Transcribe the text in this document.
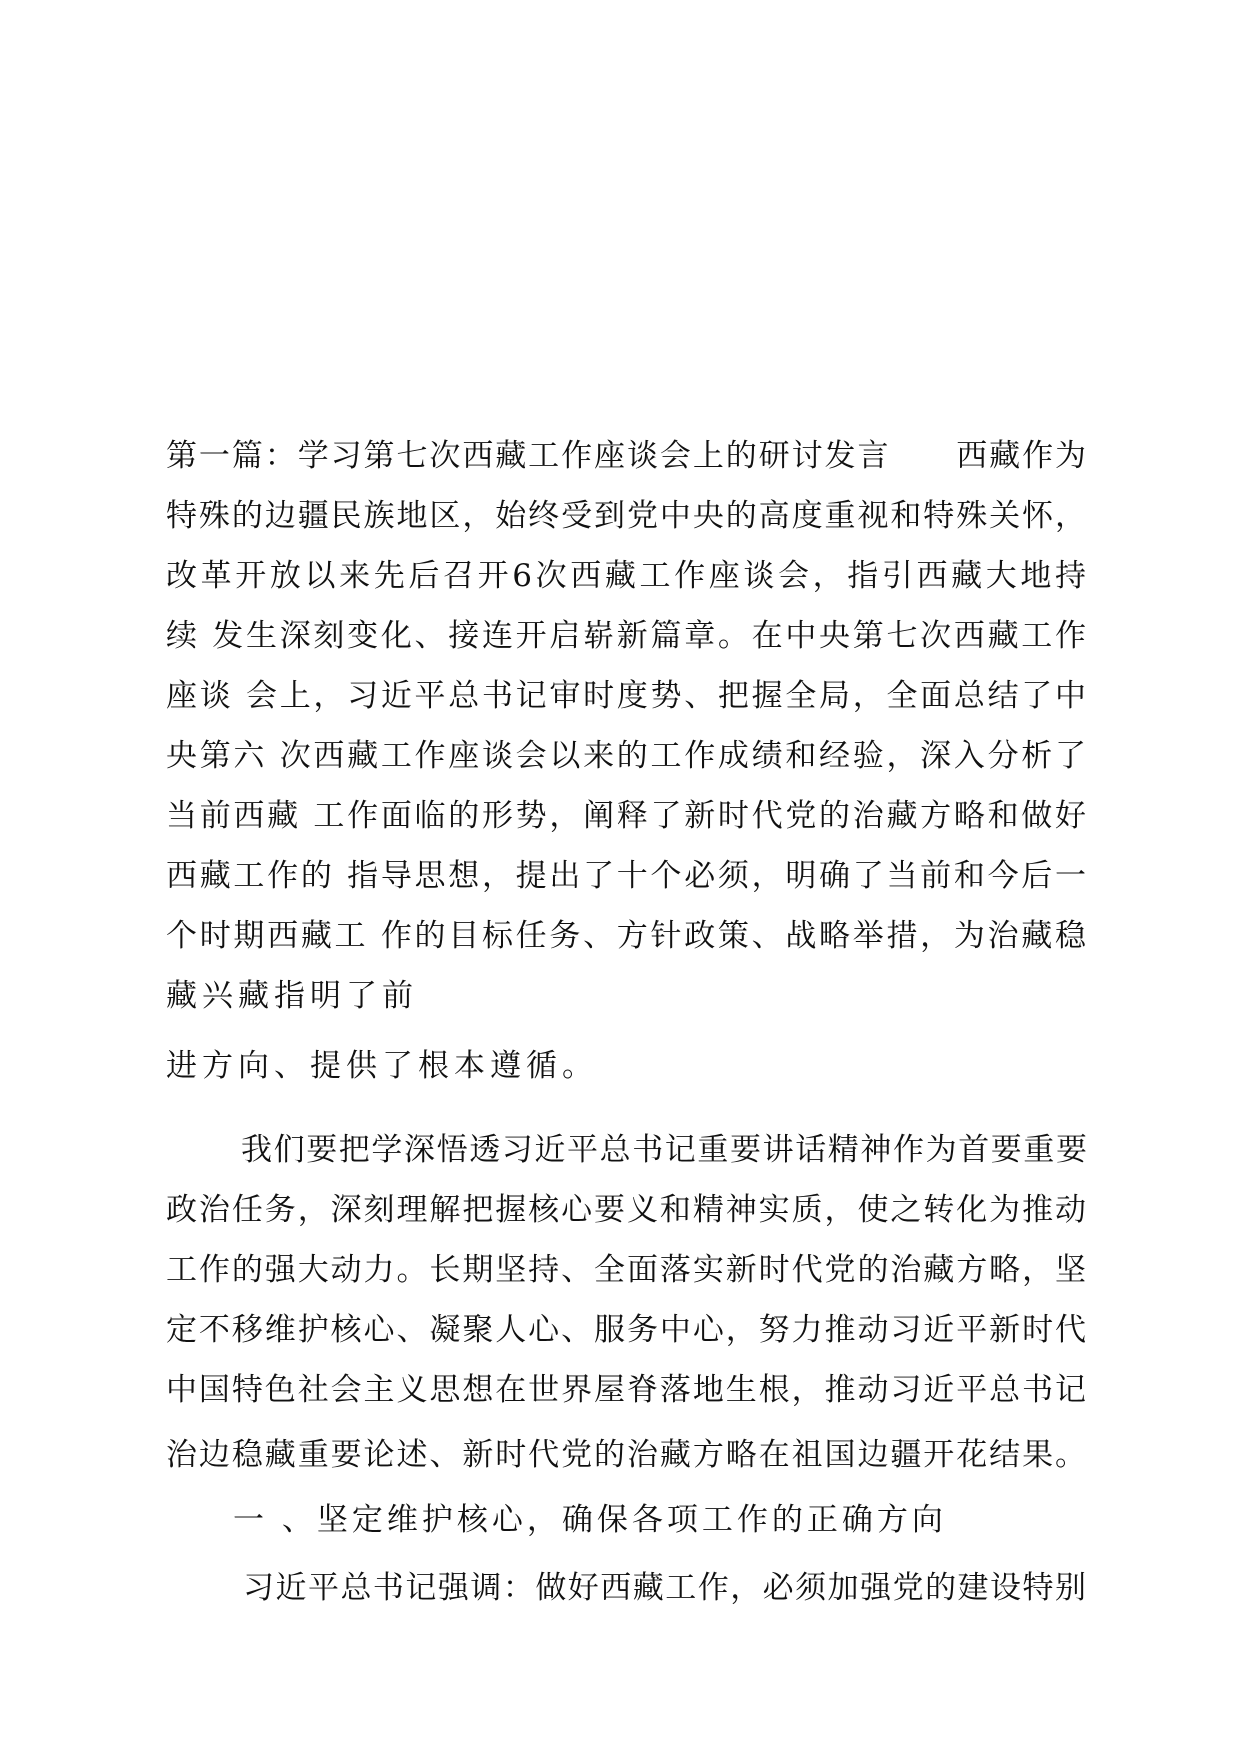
第一篇：学习第七次西藏工作座谈会上的研讨发言　　西藏作为
特殊的边疆民族地区，始终受到党中央的高度重视和特殊关怀，
改革开放以来先后召开6次西藏工作座谈会，指引西藏大地持
续 发生深刻变化、接连开启崭新篇章。在中央第七次西藏工作
座谈 会上，习近平总书记审时度势、把握全局，全面总结了中
央第六 次西藏工作座谈会以来的工作成绩和经验，深入分析了
当前西藏 工作面临的形势，阐释了新时代党的治藏方略和做好
西藏工作的 指导思想，提出了十个必须，明确了当前和今后一
个时期西藏工 作的目标任务、方针政策、战略举措，为治藏稳
藏兴藏指明了前
进方向、提供了根本遵循。
我们要把学深悟透习近平总书记重要讲话精神作为首要重要
政治任务，深刻理解把握核心要义和精神实质，使之转化为推动
工作的强大动力。长期坚持、全面落实新时代党的治藏方略，坚
定不移维护核心、凝聚人心、服务中心，努力推动习近平新时代
中国特色社会主义思想在世界屋脊落地生根，推动习近平总书记
治边稳藏重要论述、新时代党的治藏方略在祖国边疆开花结果。
一 、坚定维护核心，确保各项工作的正确方向
习近平总书记强调：做好西藏工作，必须加强党的建设特别
